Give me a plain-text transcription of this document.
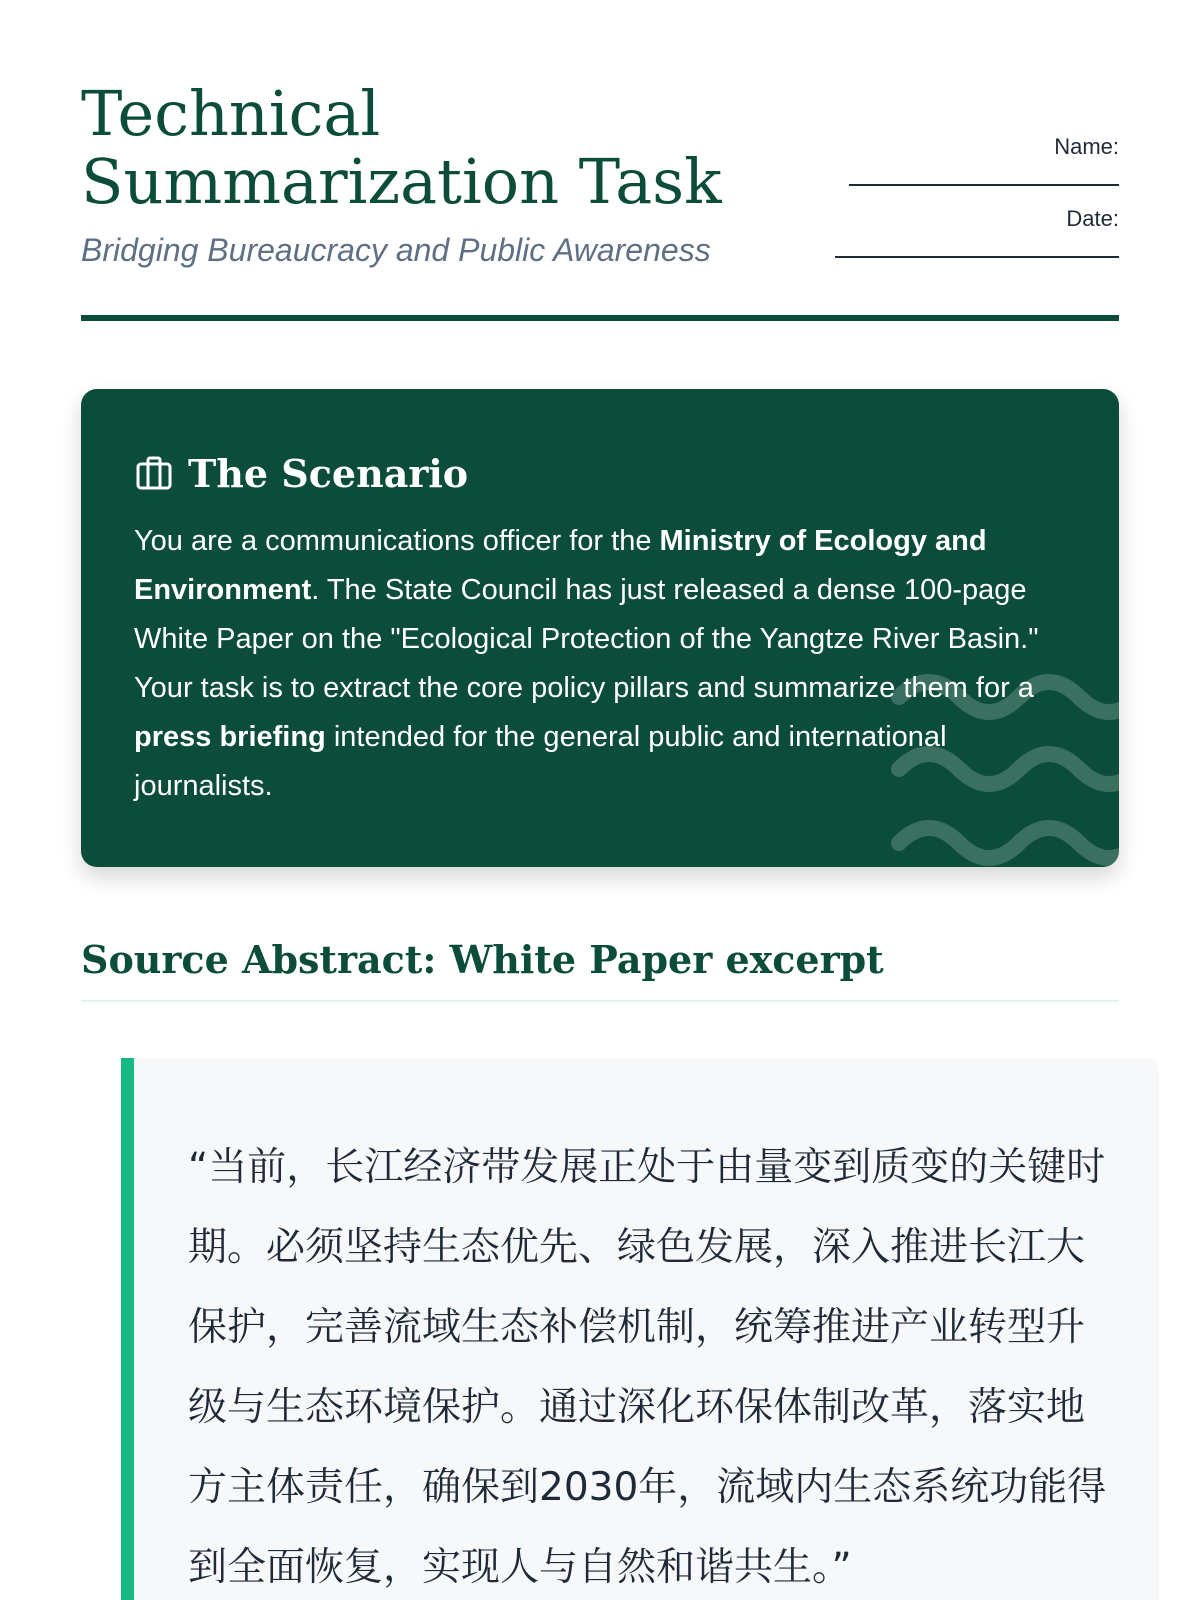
Technical Summarization Task

Bridging Bureaucracy and Public Awareness

Name:
Date:
The Scenario

You are a communications officer for the Ministry of Ecology and Environment. The State Council has just released a dense 100-page White Paper on the "Ecological Protection of the Yangtze River Basin." Your task is to extract the core policy pillars and summarize them for a press briefing intended for the general public and international journalists.

Source Abstract: White Paper excerpt

“当前，长江经济带发展正处于由量变到质变的关键时期。必须坚持生态优先、绿色发展，深入推进长江大保护，完善流域生态补偿机制，统筹推进产业转型升级与生态环境保护。通过深化环保体制改革，落实地方主体责任，确保到2030年，流域内生态系统功能得到全面恢复，实现人与自然和谐共生。”
